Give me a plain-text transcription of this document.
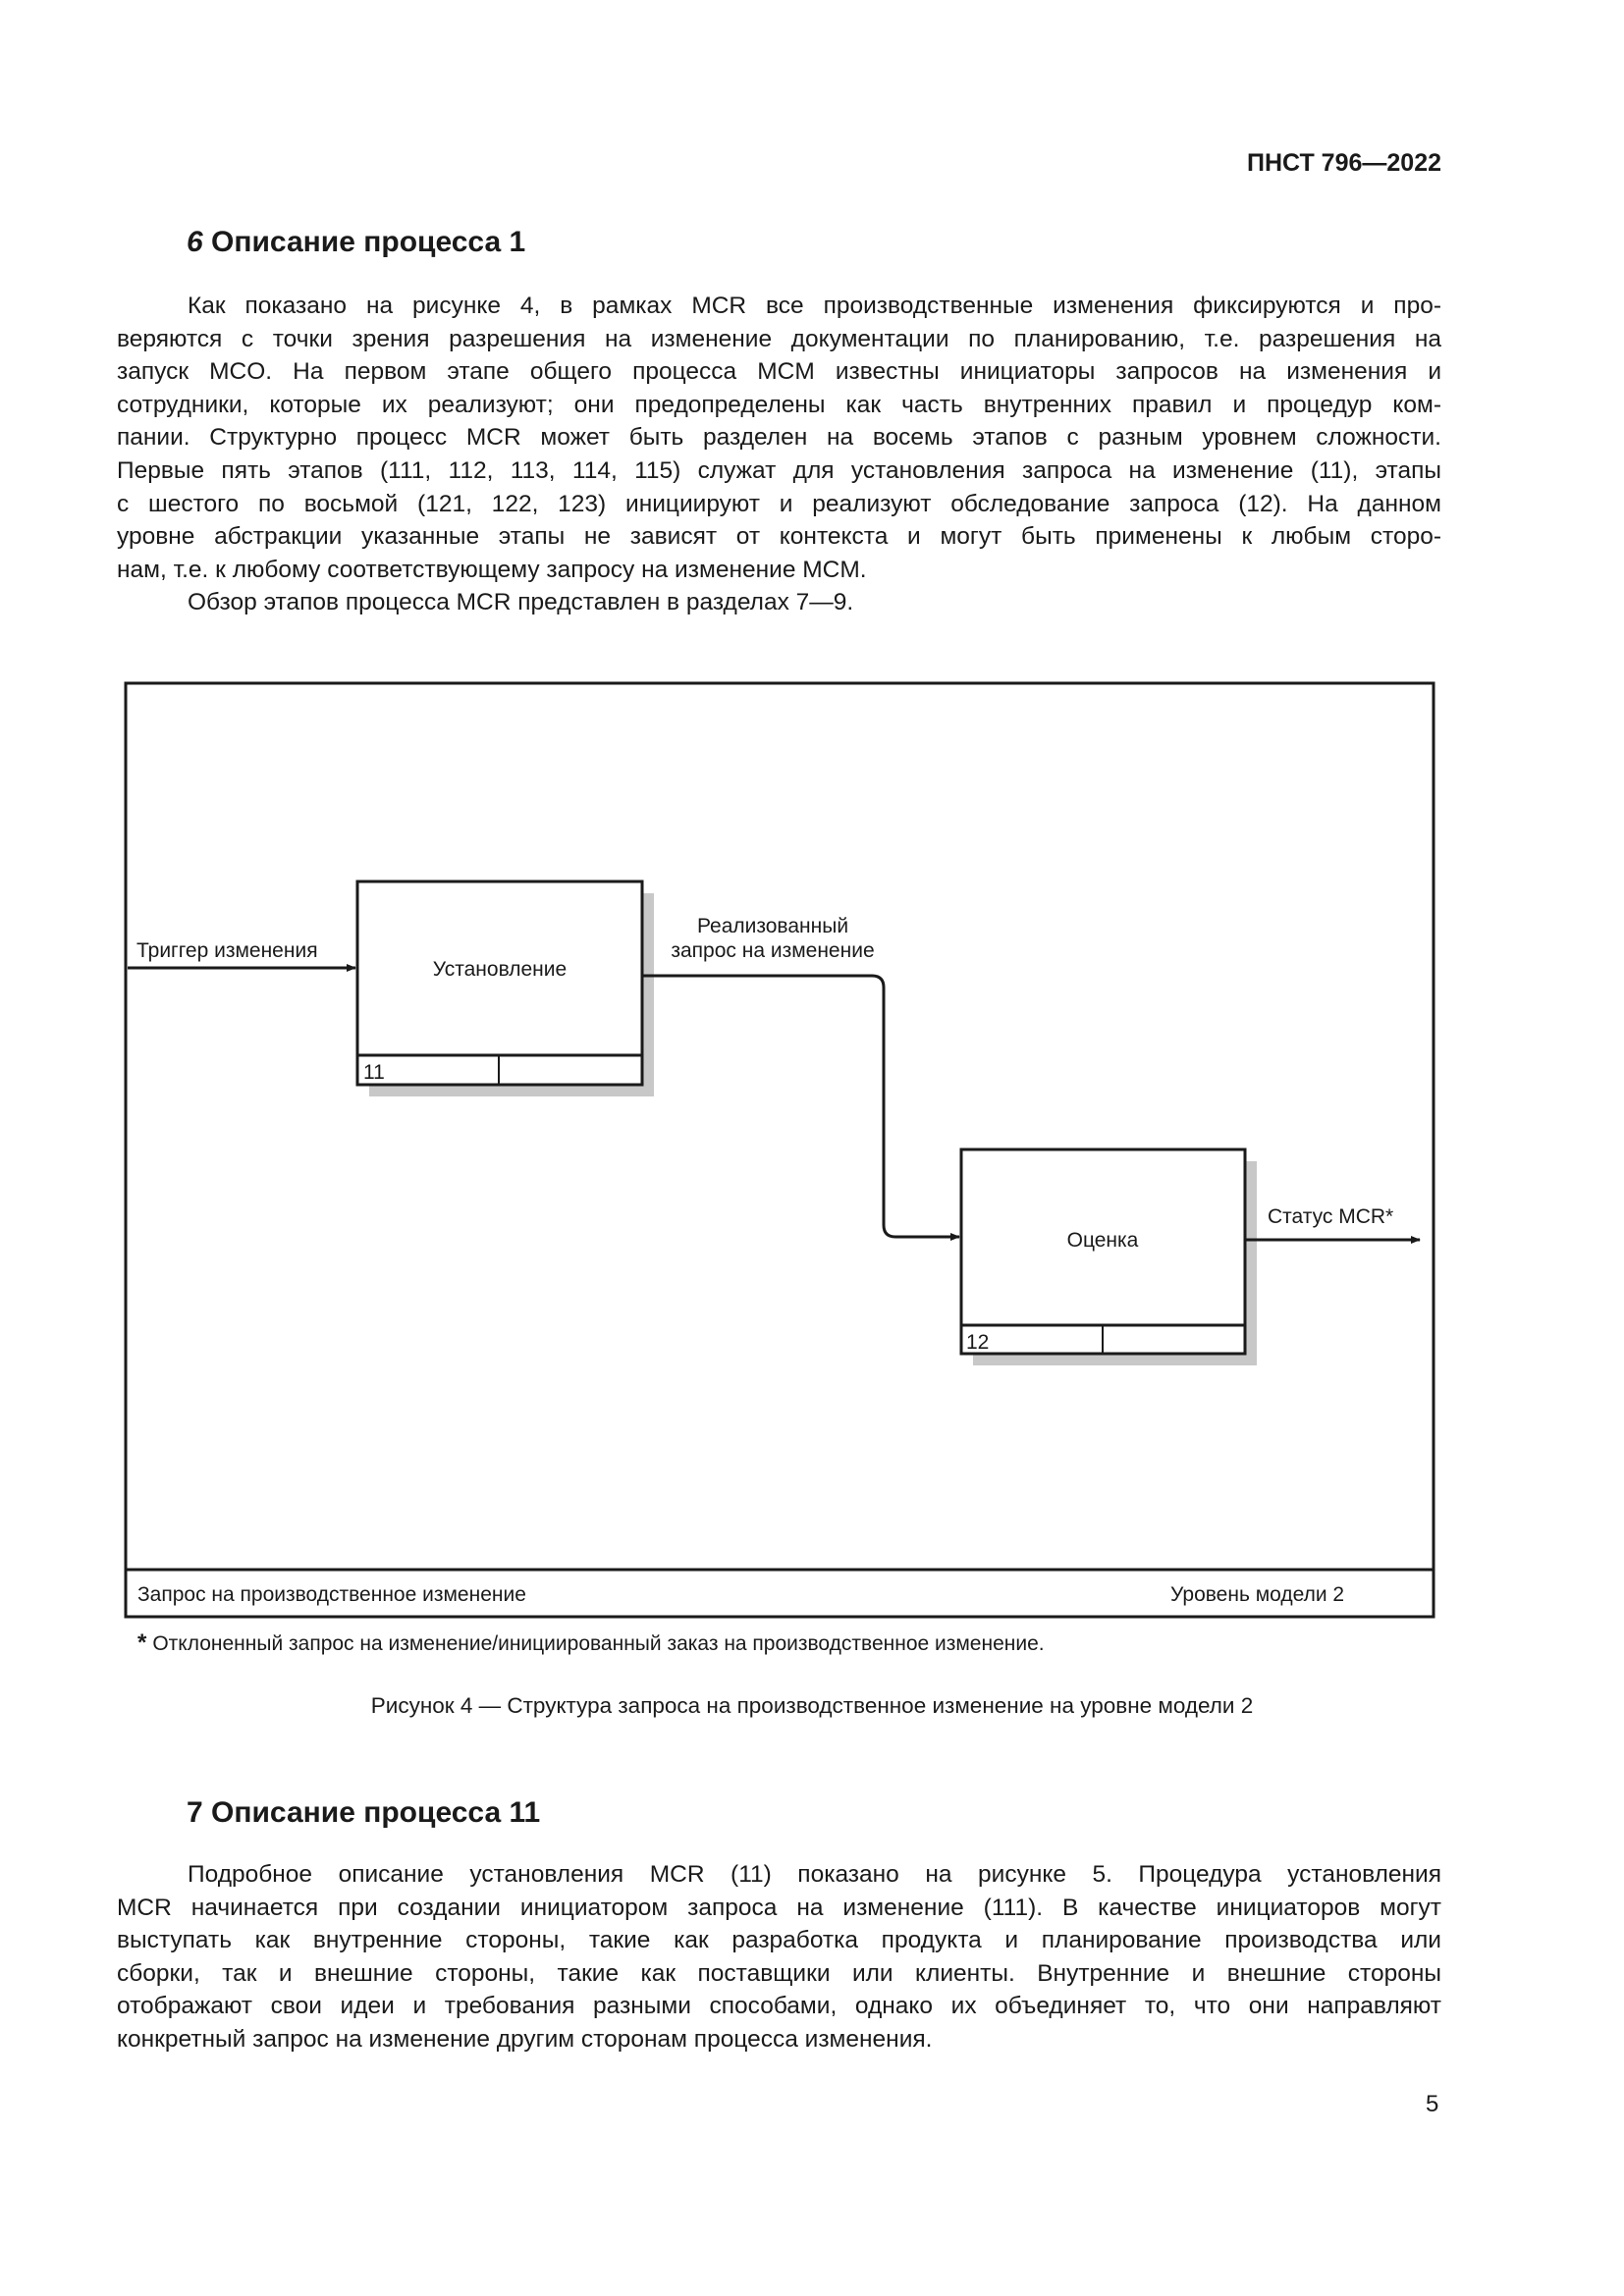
ПНСТ 796—2022
6 Описание процесса 1
Как показано на рисунке 4, в рамках MCR все производственные изменения фиксируются и про-
веряются с точки зрения разрешения на изменение документации по планированию, т.е. разрешения на
запуск MCO. На первом этапе общего процесса MCM известны инициаторы запросов на изменения и
сотрудники, которые их реализуют; они предопределены как часть внутренних правил и процедур ком-
пании. Структурно процесс MCR может быть разделен на восемь этапов с разным уровнем сложности.
Первые пять этапов (111, 112, 113, 114, 115) служат для установления запроса на изменение (11), этапы
с шестого по восьмой (121, 122, 123) инициируют и реализуют обследование запроса (12). На данном
уровне абстракции указанные этапы не зависят от контекста и могут быть применены к любым сторо-
нам, т.е. к любому соответствующему запросу на изменение MCM.
Обзор этапов процесса MCR представлен в разделах 7—9.
Запрос на производственное изменение	Уровень модели 2
Установление
11
Оценка
12
Триггер изменения
Реализованный
запрос на изменение
Статус MCR*
* Отклоненный запрос на изменение/инициированный заказ на производственное изменение.
Рисунок 4 — Структура запроса на производственное изменение на уровне модели 2
7 Описание процесса 11
Подробное описание установления MCR (11) показано на рисунке 5. Процедура установления
MCR начинается при создании инициатором запроса на изменение (111). В качестве инициаторов могут
выступать как внутренние стороны, такие как разработка продукта и планирование производства или
сборки, так и внешние стороны, такие как поставщики или клиенты. Внутренние и внешние стороны
отображают свои идеи и требования разными способами, однако их объединяет то, что они направляют
конкретный запрос на изменение другим сторонам процесса изменения.
5
